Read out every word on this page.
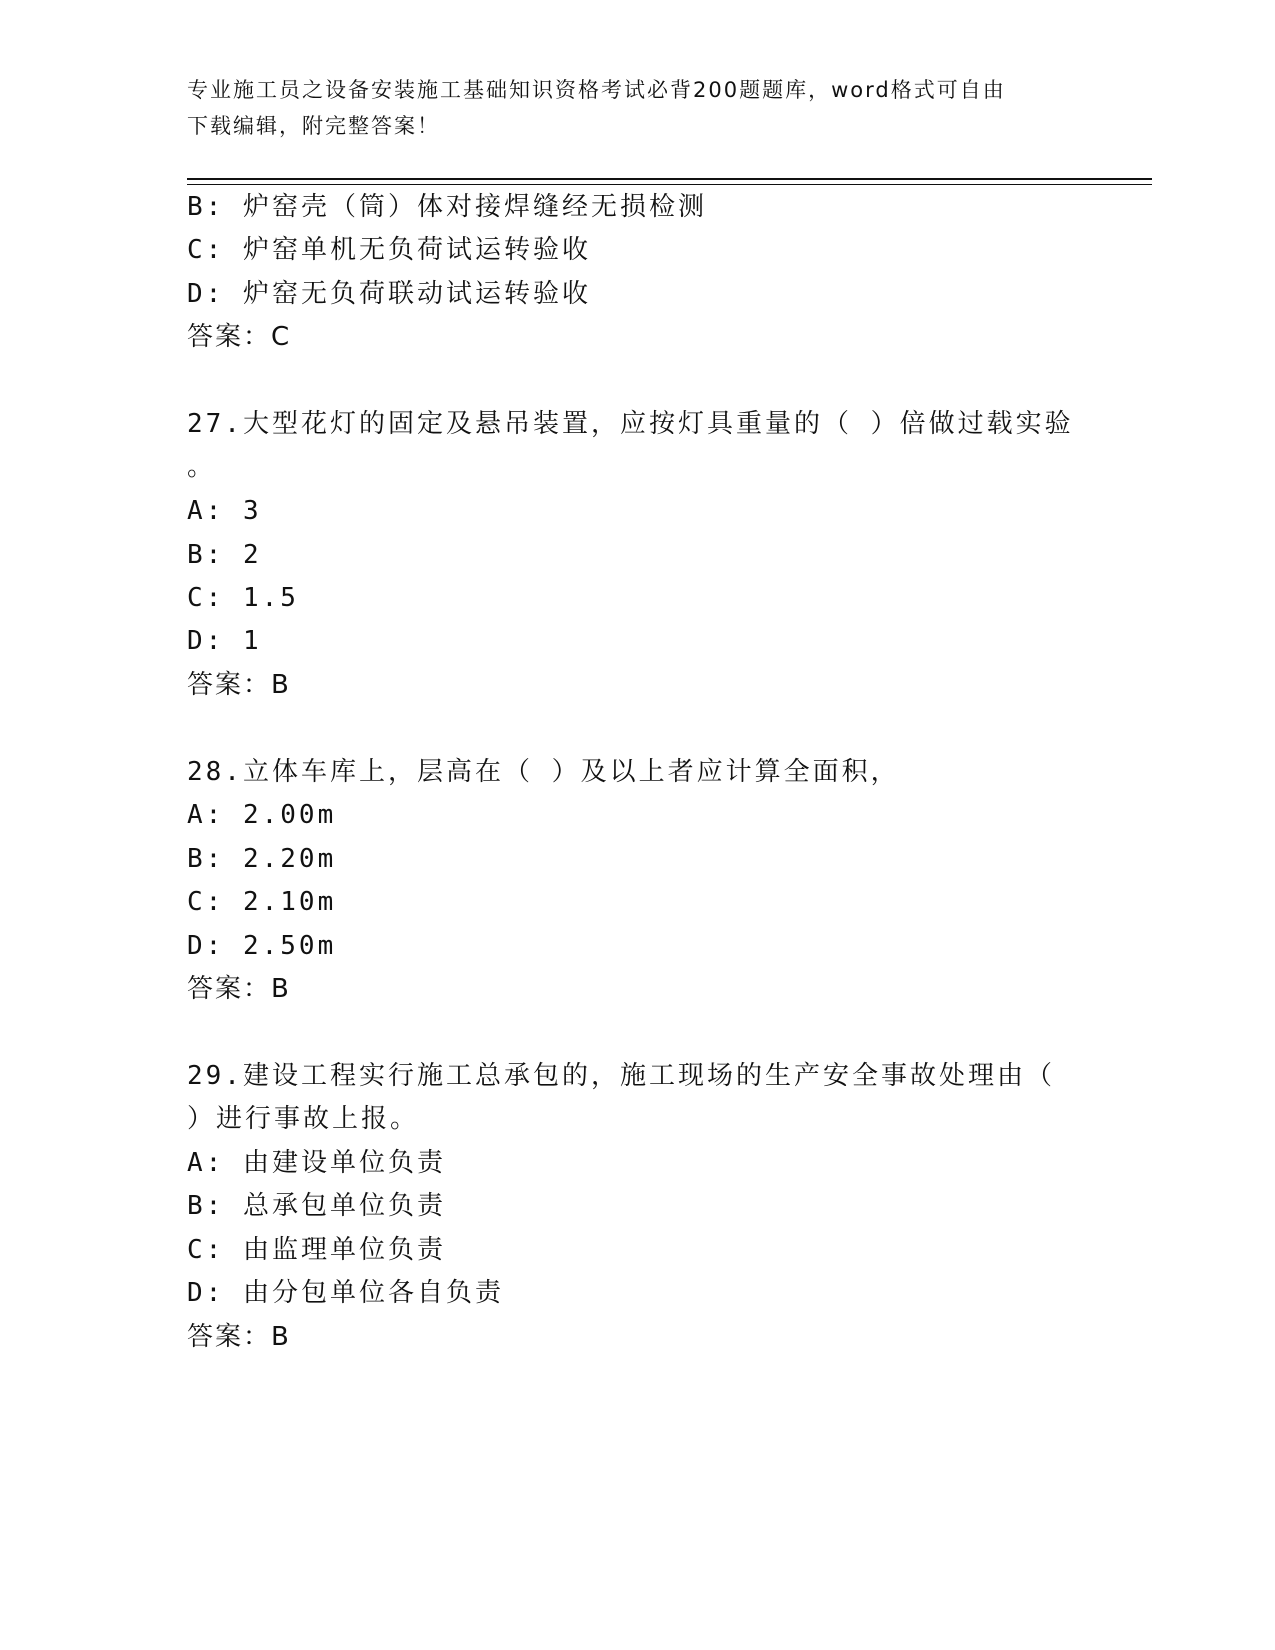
专业施工员之设备安装施工基础知识资格考试必背200题题库，word格式可自由
下载编辑，附完整答案！
B: 炉窑壳（筒）体对接焊缝经无损检测
C: 炉窑单机无负荷试运转验收
D: 炉窑无负荷联动试运转验收
答案：C
27.大型花灯的固定及悬吊装置，应按灯具重量的（ ）倍做过载实验
。
A: 3
B: 2
C: 1.5
D: 1
答案：B
28.立体车库上，层高在（ ）及以上者应计算全面积，
A: 2.00m
B: 2.20m
C: 2.10m
D: 2.50m
答案：B
29.建设工程实行施工总承包的，施工现场的生产安全事故处理由（
）进行事故上报。
A: 由建设单位负责
B: 总承包单位负责
C: 由监理单位负责
D: 由分包单位各自负责
答案：B
